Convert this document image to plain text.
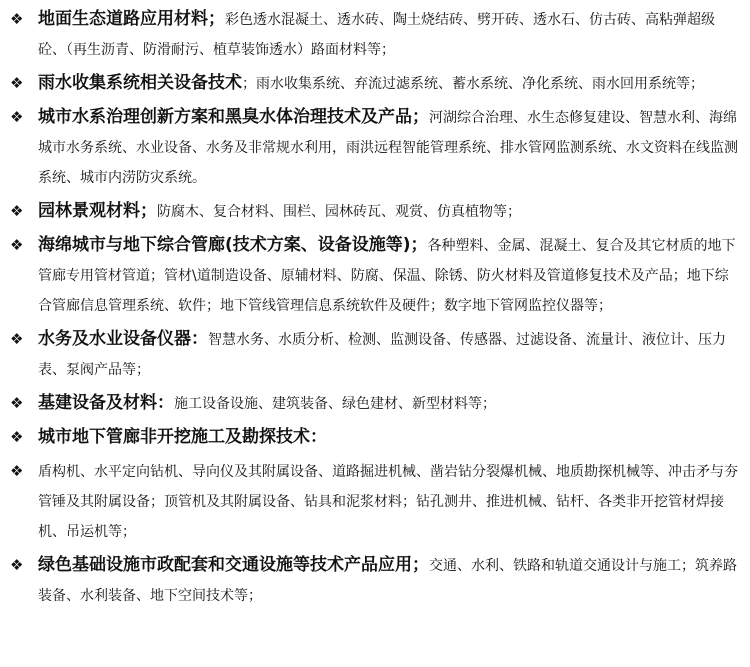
❖ 地面生态道路应用材料；彩色透水混凝土、透水砖、陶土烧结砖、劈开砖、透水石、仿古砖、高粘弹超级砼、（再生沥青、防滑耐污、植草装饰透水）路面材料等；
❖ 雨水收集系统相关设备技术；雨水收集系统、弃流过滤系统、蓄水系统、净化系统、雨水回用系统等；
❖ 城市水系治理创新方案和黑臭水体治理技术及产品；河湖综合治理、水生态修复建设、智慧水利、海绵城市水务系统、水业设备、水务及非常规水利用，雨洪远程智能管理系统、排水管网监测系统、水文资料在线监测系统、城市内涝防灾系统。
❖ 园林景观材料；防腐木、复合材料、围栏、园林砖瓦、观赏、仿真植物等；
❖ 海绵城市与地下综合管廊(技术方案、设备设施等)；各种塑料、金属、混凝土、复合及其它材质的地下管廊专用管材管道；管材\道制造设备、原辅材料、防腐、保温、除锈、防火材料及管道修复技术及产品；地下综合管廊信息管理系统、软件；地下管线管理信息系统软件及硬件；数字地下管网监控仪器等；
❖ 水务及水业设备仪器：智慧水务、水质分析、检测、监测设备、传感器、过滤设备、流量计、液位计、压力表、泵阀产品等；
❖ 基建设备及材料：施工设备设施、建筑装备、绿色建材、新型材料等；
❖ 城市地下管廊非开挖施工及勘探技术：
❖	盾构机、水平定向钻机、导向仪及其附属设备、道路掘进机械、凿岩钻分裂爆机械、地质勘探机械等、冲击矛与夯管锤及其附属设备；顶管机及其附属设备、钻具和泥浆材料；钻孔测井、推进机械、钻杆、各类非开挖管材焊接机、吊运机等；
❖ 绿色基础设施市政配套和交通设施等技术产品应用；交通、水利、铁路和轨道交通设计与施工；筑养路装备、水利装备、地下空间技术等；
